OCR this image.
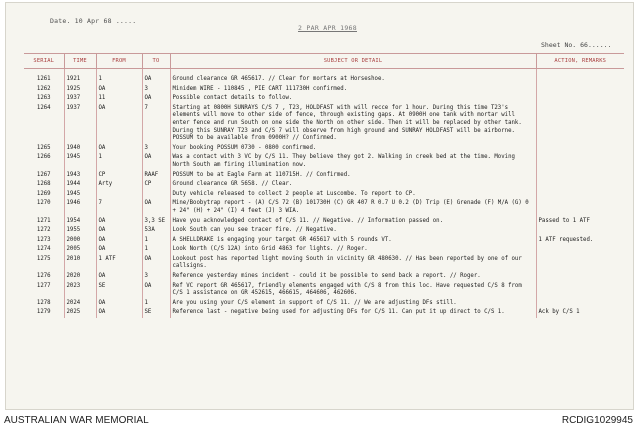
Date. 10 Apr 68 .....
2 PAR APR 1968
Sheet No. 66......
SERIAL	TIME	FROM	TO	SUBJECT OR DETAIL	ACTION, REMARKS

1261	1921	1	OA	Ground clearance GR 465617. // Clear for mortars at Horseshoe.	
1262	1925	OA	3	Minidem WIRE - 110845 , PIE CART 111730H confirmed.	
1263	1937	11	OA	Possible contact details to follow.	
1264	1937	OA	7	Starting at 0800H SUNRAYS C/S 7 , T23, HOLDFAST with will recce for 1 hour. During this time T23's elements will move to other side of fence, through existing gaps. At 0900H one tank with mortar will enter fence and run South on one side the North on other side. Then it will be replaced by other tank. During this SUNRAY T23 and C/S 7 will observe from high ground and SUNRAY HOLDFAST will be airborne. POSSUM to be available from 0900H? // Confirmed.	
1265	1940	OA	3	Your booking POSSUM 0730 - 0800 confirmed.	
1266	1945	1	OA	Was a contact with 3 VC by C/S 11. They believe they got 2. Walking in creek bed at the time. Moving North South am firing illumination now.	
1267	1943	CP	RAAF	POSSUM to be at Eagle Farm at 110715H. // Confirmed.	
1268	1944	Arty	CP	Ground clearance GR 5658. // Clear.	
1269	1945			Duty vehicle released to collect 2 people at Luscombe. To report to CP.	
1270	1946	7	OA	Mine/Boobytrap report - (A) C/S 72 (B) 101730H (C) GR 407 R 0.7 U 0.2 (D) Trip (E) Grenade (F) M/A (G) 0 + 24" (H) + 24" (I) 4 feet (J) 3 WIA.	
1271	1954	OA	3,3 SE	Have you acknowledged contact of C/S 11. // Negative. // Information passed on.	Passed to 1 ATF
1272	1955	OA	53A	Look South can you see tracer fire. // Negative.	
1273	2000	OA	1	A SHELLDRAKE is engaging your target GR 465617 with 5 rounds VT.	1 ATF requested.
1274	2005	OA	1	Look North (C/S 12A) into Grid 4863 for lights. // Roger.	
1275	2010	1 ATF	OA	Lookout post has reported light moving South in vicinity GR 480630. // Has been reported by one of our callsigns.	
1276	2020	OA	3	Reference yesterday mines incident - could it be possible to send back a report. // Roger.	
1277	2023	SE	OA	Ref VC report GR 465617, friendly elements engaged with C/S 8 from this loc. Have requested C/S 8 from C/S 1 assistance on GR 452615, 466615, 464606, 462606.	
1278	2024	OA	1	Are you using your C/S element in support of C/S 11. // We are adjusting DFs still.	
1279	2025	OA	SE	Reference last - negative being used for adjusting DFs for C/S 11. Can put it up direct to C/S 1.	Ack by C/S 1
AUSTRALIAN WAR MEMORIAL	RCDIG1029945
